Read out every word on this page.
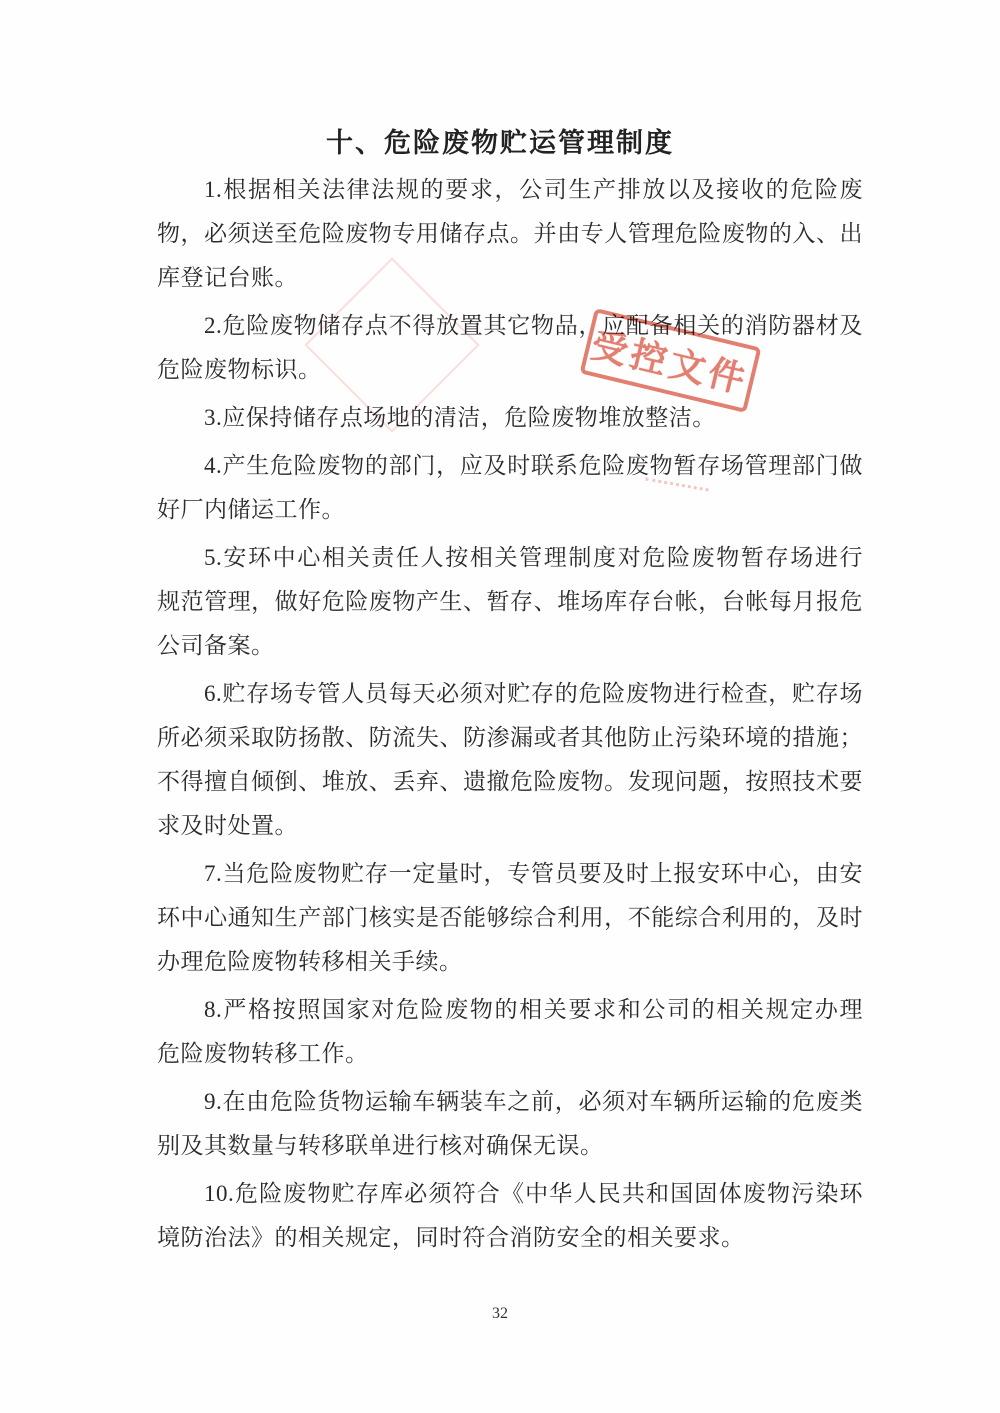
十、危险废物贮运管理制度

1.根据相关法律法规的要求，公司生产排放以及接收的危险废
物，必须送至危险废物专用储存点。并由专人管理危险废物的入、出
库登记台账。

2.危险废物储存点不得放置其它物品，应配备相关的消防器材及
危险废物标识。

3.应保持储存点场地的清洁，危险废物堆放整洁。

4.产生危险废物的部门，应及时联系危险废物暂存场管理部门做
好厂内储运工作。

5.安环中心相关责任人按相关管理制度对危险废物暂存场进行
规范管理，做好危险废物产生、暂存、堆场库存台帐，台帐每月报危
公司备案。

6.贮存场专管人员每天必须对贮存的危险废物进行检查，贮存场
所必须采取防扬散、防流失、防渗漏或者其他防止污染环境的措施；
不得擅自倾倒、堆放、丢弃、遗撤危险废物。发现问题，按照技术要
求及时处置。

7.当危险废物贮存一定量时，专管员要及时上报安环中心，由安
环中心通知生产部门核实是否能够综合利用，不能综合利用的，及时
办理危险废物转移相关手续。

8.严格按照国家对危险废物的相关要求和公司的相关规定办理
危险废物转移工作。

9.在由危险货物运输车辆装车之前，必须对车辆所运输的危废类
别及其数量与转移联单进行核对确保无误。

10.危险废物贮存库必须符合《中华人民共和国固体废物污染环
境防治法》的相关规定，同时符合消防安全的相关要求。

受控文件
32
